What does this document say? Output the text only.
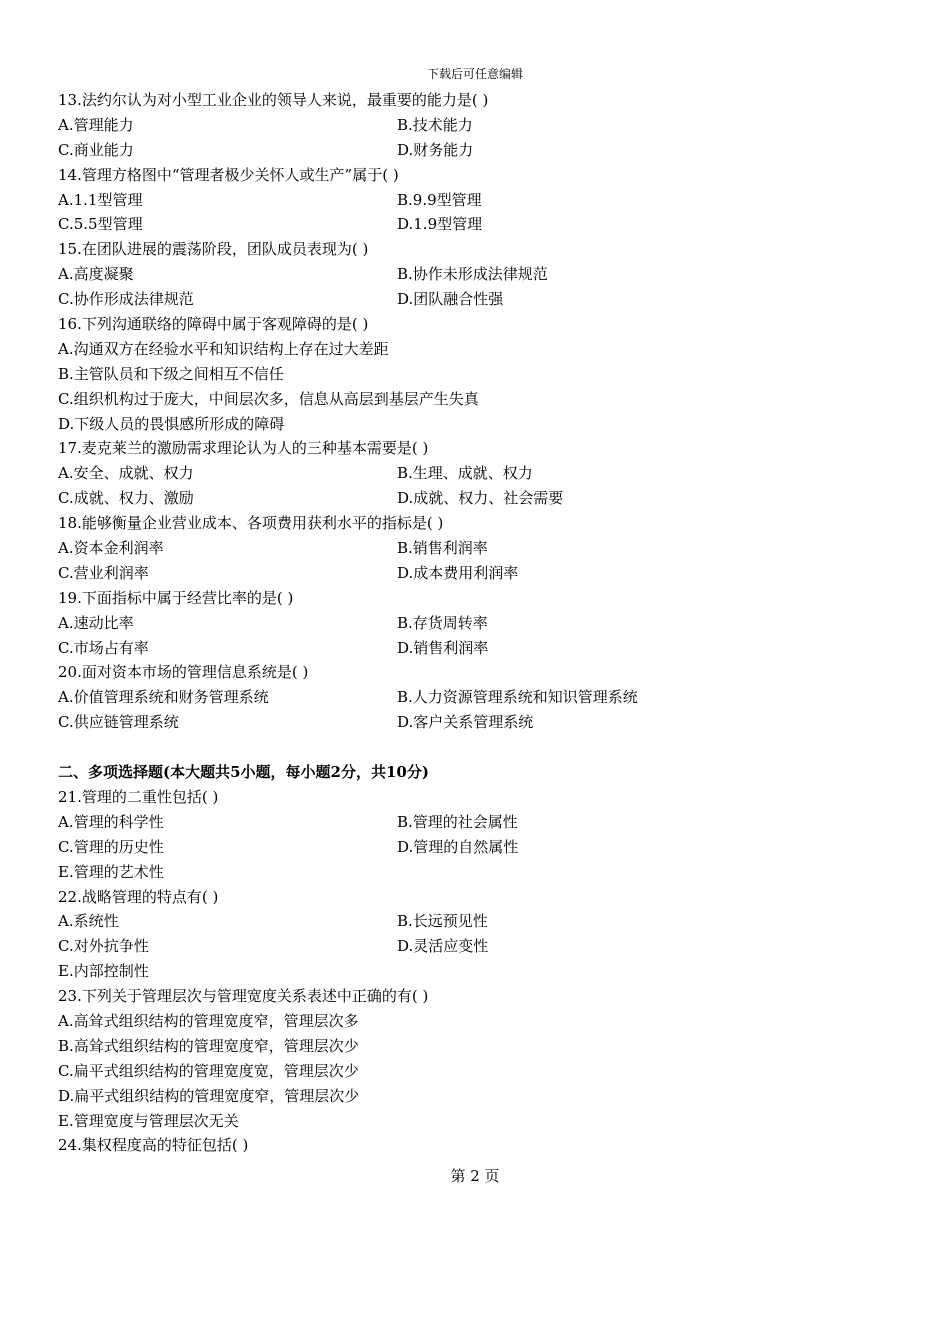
下载后可任意编辑
13.法约尔认为对小型工业企业的领导人来说，最重要的能力是( )
A.管理能力	B.技术能力
C.商业能力	D.财务能力
14.管理方格图中“管理者极少关怀人或生产”属于( )
A.1.1型管理	B.9.9型管理
C.5.5型管理	D.1.9型管理
15.在团队进展的震荡阶段，团队成员表现为( )
A.高度凝聚	B.协作未形成法律规范
C.协作形成法律规范	D.团队融合性强
16.下列沟通联络的障碍中属于客观障碍的是( )
A.沟通双方在经验水平和知识结构上存在过大差距
B.主管队员和下级之间相互不信任
C.组织机构过于庞大，中间层次多，信息从高层到基层产生失真
D.下级人员的畏惧感所形成的障碍
17.麦克莱兰的激励需求理论认为人的三种基本需要是( )
A.安全、成就、权力	B.生理、成就、权力
C.成就、权力、激励	D.成就、权力、社会需要
18.能够衡量企业营业成本、各项费用获利水平的指标是( )
A.资本金利润率	B.销售利润率
C.营业利润率	D.成本费用利润率
19.下面指标中属于经营比率的是( )
A.速动比率	B.存货周转率
C.市场占有率	D.销售利润率
20.面对资本市场的管理信息系统是( )
A.价值管理系统和财务管理系统	B.人力资源管理系统和知识管理系统
C.供应链管理系统	D.客户关系管理系统
二、多项选择题(本大题共5小题，每小题2分，共10分)
21.管理的二重性包括( )
A.管理的科学性	B.管理的社会属性
C.管理的历史性	D.管理的自然属性
E.管理的艺术性
22.战略管理的特点有( )
A.系统性	B.长远预见性
C.对外抗争性	D.灵活应变性
E.内部控制性
23.下列关于管理层次与管理宽度关系表述中正确的有( )
A.高耸式组织结构的管理宽度窄，管理层次多
B.高耸式组织结构的管理宽度窄，管理层次少
C.扁平式组织结构的管理宽度宽，管理层次少
D.扁平式组织结构的管理宽度窄，管理层次少
E.管理宽度与管理层次无关
24.集权程度高的特征包括( )
第 2 页
